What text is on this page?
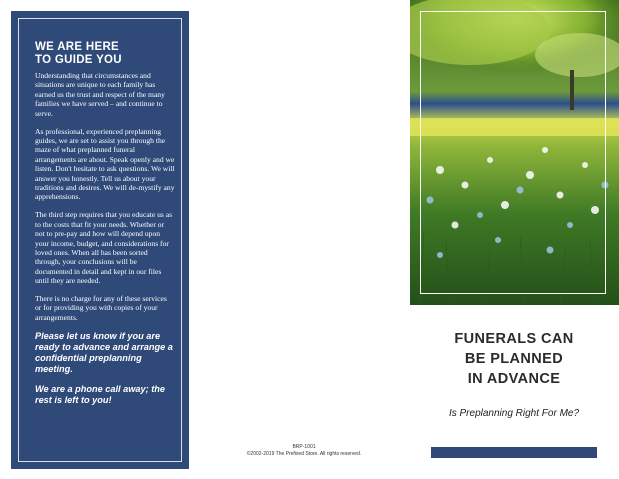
WE ARE HERE
TO GUIDE YOU

Understanding that circumstances and situations are unique to each family has earned us the trust and respect of the many families we have served – and continue to serve.

As professional, experienced preplanning guides, we are set to assist you through the maze of what preplanned funeral arrangements are about. Speak openly and we listen. Don't hesitate to ask questions. We will answer you honestly. Tell us about your traditions and desires. We will de-mystify any apprehensions.

The third step requires that you educate us as to the costs that fit your needs. Whether or not to pre-pay and how will depend upon your income, budget, and considerations for loved ones. When all has been sorted through, your conclusions will be documented in detail and kept in our files until they are needed.

There is no charge for any of these services or for providing you with copies of your arrangements.

Please let us know if you are ready to advance and arrange a confidential preplanning meeting.

We are a phone call away; the rest is left to you!

BRP-1001
©2002-2019 The Prefixed Store. All rights reserved.
FUNERALS CAN
BE PLANNED
IN ADVANCE
Is Preplanning Right For Me?
